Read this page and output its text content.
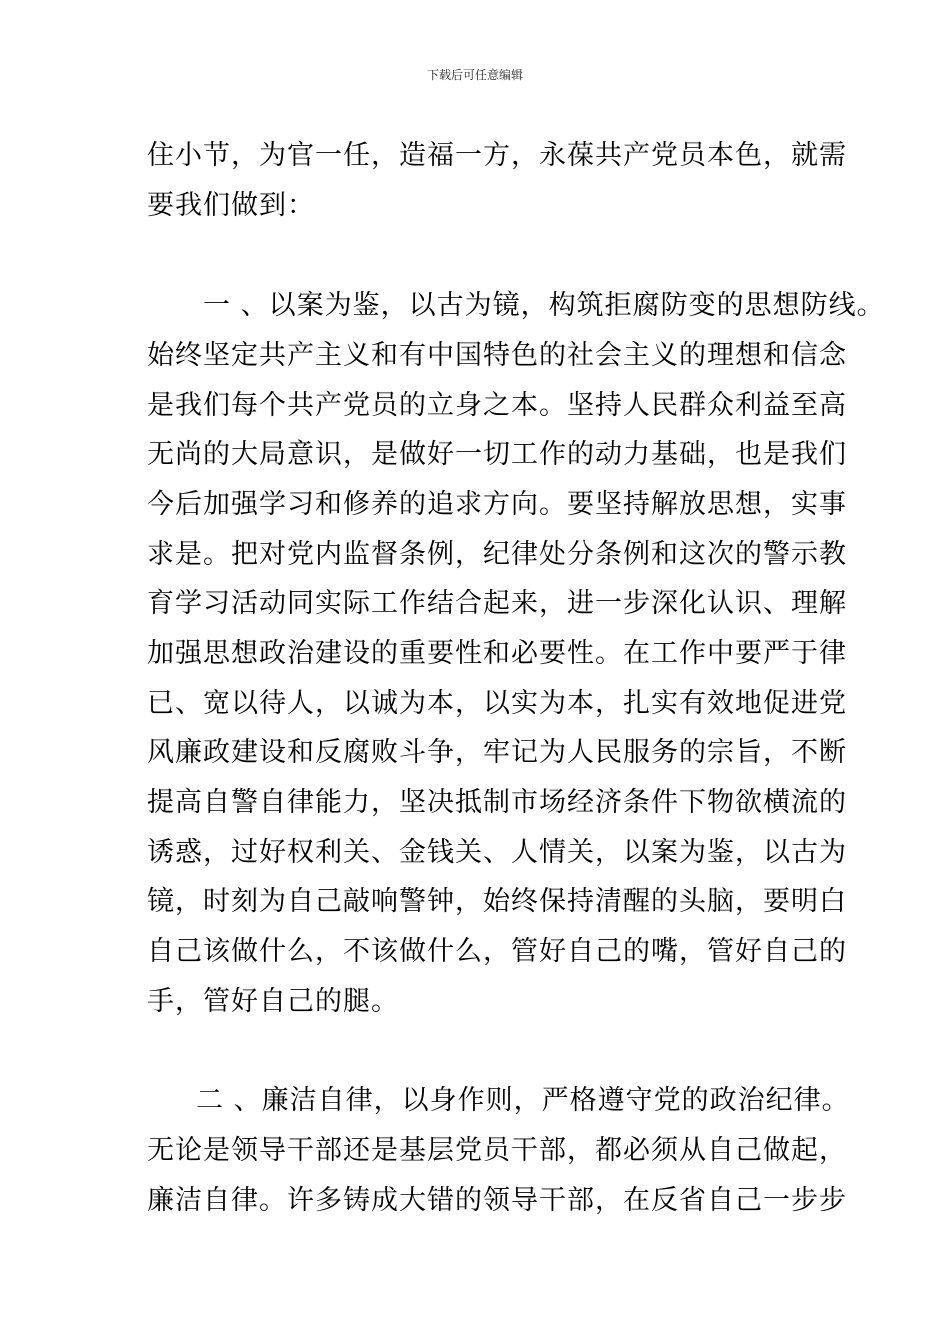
下载后可任意编辑
住小节，为官一任，造福一方，永葆共产党员本色，就需
要我们做到：
一 、以案为鉴，以古为镜，构筑拒腐防变的思想防线。
始终坚定共产主义和有中国特色的社会主义的理想和信念
是我们每个共产党员的立身之本。坚持人民群众利益至高
无尚的大局意识，是做好一切工作的动力基础，也是我们
今后加强学习和修养的追求方向。要坚持解放思想，实事
求是。把对党内监督条例，纪律处分条例和这次的警示教
育学习活动同实际工作结合起来，进一步深化认识、理解
加强思想政治建设的重要性和必要性。在工作中要严于律
已、宽以待人，以诚为本，以实为本，扎实有效地促进党
风廉政建设和反腐败斗争，牢记为人民服务的宗旨，不断
提高自警自律能力，坚决抵制市场经济条件下物欲横流的
诱惑，过好权利关、金钱关、人情关，以案为鉴，以古为
镜，时刻为自己敲响警钟，始终保持清醒的头脑，要明白
自己该做什么，不该做什么，管好自己的嘴，管好自己的
手，管好自己的腿。
二 、廉洁自律，以身作则，严格遵守党的政治纪律。
无论是领导干部还是基层党员干部，都必须从自己做起，
廉洁自律。许多铸成大错的领导干部，在反省自己一步步
